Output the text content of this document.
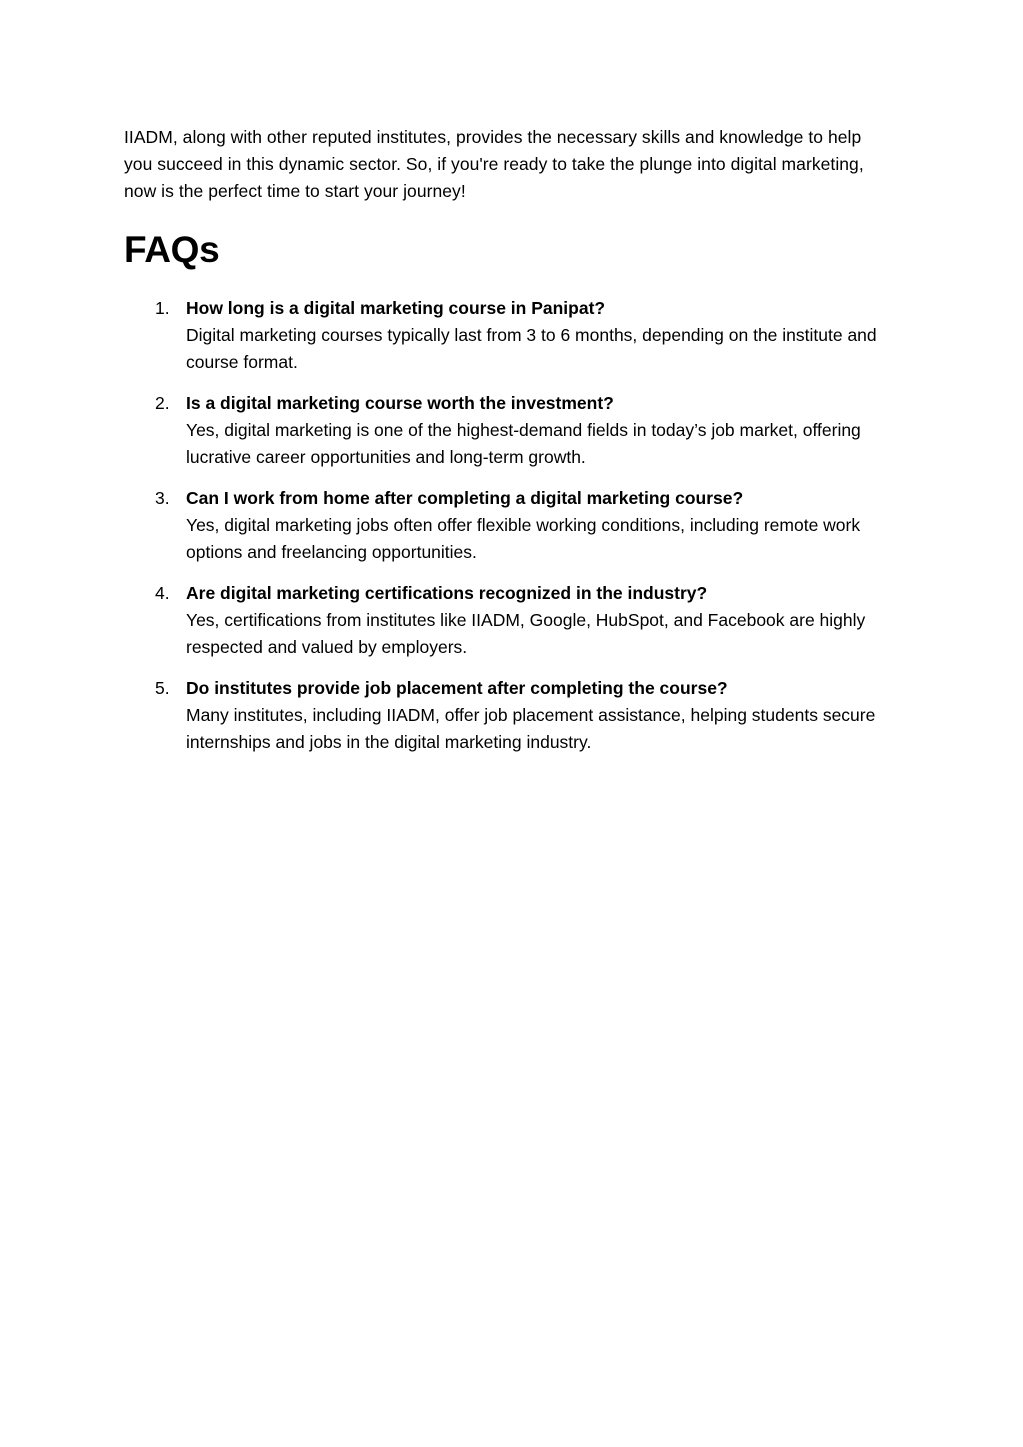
IIADM, along with other reputed institutes, provides the necessary skills and knowledge to help you succeed in this dynamic sector. So, if you're ready to take the plunge into digital marketing, now is the perfect time to start your journey!

FAQs
1. How long is a digital marketing course in Panipat?
Digital marketing courses typically last from 3 to 6 months, depending on the institute and course format.
2. Is a digital marketing course worth the investment?
Yes, digital marketing is one of the highest-demand fields in today’s job market, offering lucrative career opportunities and long-term growth.
3. Can I work from home after completing a digital marketing course?
Yes, digital marketing jobs often offer flexible working conditions, including remote work options and freelancing opportunities.
4. Are digital marketing certifications recognized in the industry?
Yes, certifications from institutes like IIADM, Google, HubSpot, and Facebook are highly respected and valued by employers.
5. Do institutes provide job placement after completing the course?
Many institutes, including IIADM, offer job placement assistance, helping students secure internships and jobs in the digital marketing industry.
